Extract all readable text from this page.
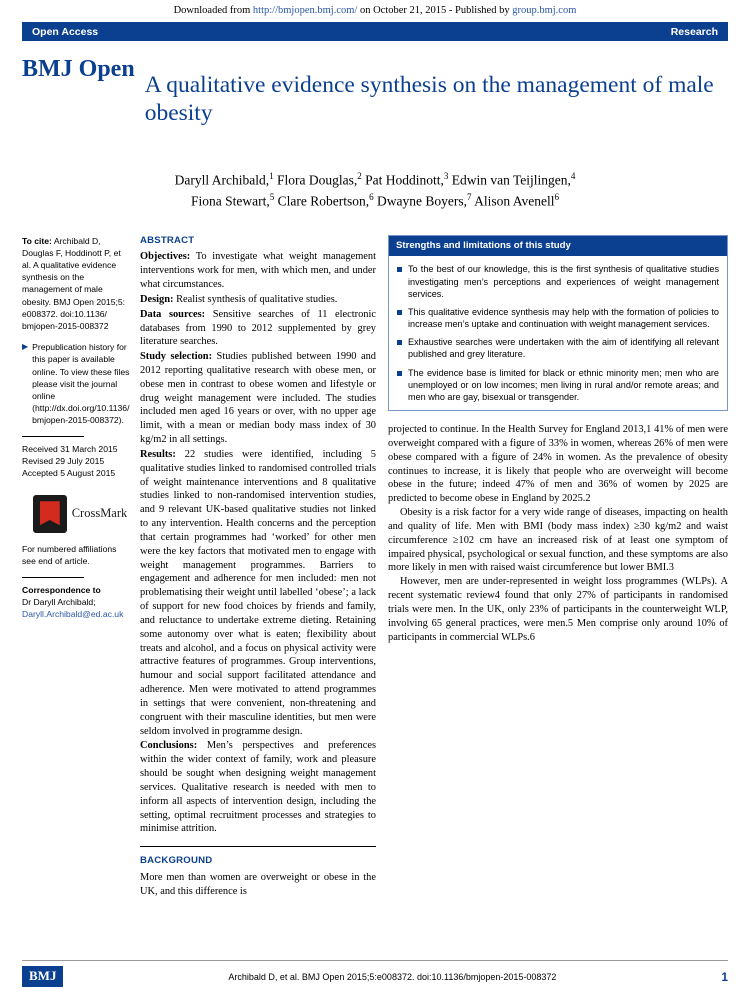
Downloaded from http://bmjopen.bmj.com/ on October 21, 2015 - Published by group.bmj.com
Open Access	Research
BMJ Open
A qualitative evidence synthesis on the management of male obesity
Daryll Archibald,$^1$ Flora Douglas,$^2$ Pat Hoddinott,$^3$ Edwin van Teijlingen,$^4$
Fiona Stewart,$^5$ Clare Robertson,$^6$ Dwayne Boyers,$^7$ Alison Avenell$^6$
To cite: Archibald D, Douglas F, Hoddinott P, et al. A qualitative evidence synthesis on the management of male obesity. BMJ Open 2015;5: e008372. doi:10.1136/ bmjopen-2015-008372
▶ Prepublication history for this paper is available online. To view these files please visit the journal online (http://dx.doi.org/10.1136/ bmjopen-2015-008372).
Received 31 March 2015
Revised 29 July 2015
Accepted 5 August 2015
CrossMark
For numbered affiliations see end of article.
Correspondence to
Dr Daryll Archibald;
Daryll.Archibald@ed.ac.uk
ABSTRACT

Objectives: To investigate what weight management interventions work for men, with which men, and under what circumstances.

Design: Realist synthesis of qualitative studies.

Data sources: Sensitive searches of 11 electronic databases from 1990 to 2012 supplemented by grey literature searches.

Study selection: Studies published between 1990 and 2012 reporting qualitative research with obese men, or obese men in contrast to obese women and lifestyle or drug weight management were included. The studies included men aged 16 years or over, with no upper age limit, with a mean or median body mass index of 30 kg/m2 in all settings.

Results: 22 studies were identified, including 5 qualitative studies linked to randomised controlled trials of weight maintenance interventions and 8 qualitative studies linked to non-randomised intervention studies, and 9 relevant UK-based qualitative studies not linked to any intervention. Health concerns and the perception that certain programmes had ‘worked’ for other men were the key factors that motivated men to engage with weight management programmes. Barriers to engagement and adherence for men included: men not problematising their weight until labelled ‘obese’; a lack of support for new food choices by friends and family, and reluctance to undertake extreme dieting. Retaining some autonomy over what is eaten; flexibility about treats and alcohol, and a focus on physical activity were attractive features of programmes. Group interventions, humour and social support facilitated attendance and adherence. Men were motivated to attend programmes in settings that were convenient, non-threatening and congruent with their masculine identities, but men were seldom involved in programme design.

Conclusions: Men’s perspectives and preferences within the wider context of family, work and pleasure should be sought when designing weight management services. Qualitative research is needed with men to inform all aspects of intervention design, including the setting, optimal recruitment processes and strategies to minimise attrition.

BACKGROUND

More men than women are overweight or obese in the UK, and this difference is

Strengths and limitations of this study
To the best of our knowledge, this is the first synthesis of qualitative studies investigating men’s perceptions and experiences of weight management services.
This qualitative evidence synthesis may help with the formation of policies to increase men’s uptake and continuation with weight management services.
Exhaustive searches were undertaken with the aim of identifying all relevant published and grey literature.
The evidence base is limited for black or ethnic minority men; men who are unemployed or on low incomes; men living in rural and/or remote areas; and men who are gay, bisexual or transgender.

projected to continue. In the Health Survey for England 2013,1 41% of men were overweight compared with a figure of 33% in women, whereas 26% of men were obese compared with a figure of 24% in women. As the prevalence of obesity continues to increase, it is likely that people who are overweight will become obese in the future; indeed 47% of men and 36% of women by 2025 are predicted to become obese in England by 2025.2

Obesity is a risk factor for a very wide range of diseases, impacting on health and quality of life. Men with BMI (body mass index) ≥30 kg/m2 and waist circumference ≥102 cm have an increased risk of at least one symptom of impaired physical, psychological or sexual function, and these symptoms are also more likely in men with raised waist circumference but lower BMI.3

However, men are under-represented in weight loss programmes (WLPs). A recent systematic review4 found that only 27% of participants in randomised trials were men. In the UK, only 23% of participants in the counterweight WLP, involving 65 general practices, were men.5 Men comprise only around 10% of participants in commercial WLPs.6

BMJ	Archibald D, et al. BMJ Open 2015;5:e008372. doi:10.1136/bmjopen-2015-008372	1
